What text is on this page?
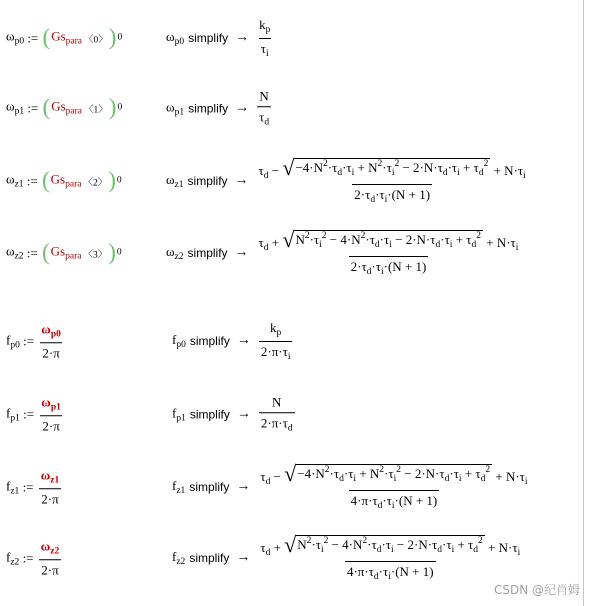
$\omega_{p0}$ := ( $Gs_{para}$ 〈0〉 ) 0	$\omega_{p0}$ simplify → $\frac{k_p}{\tau_i}$
$\omega_{p1}$ := ( $Gs_{para}$ 〈1〉 ) 0	$\omega_{p1}$ simplify → $\frac{N}{\tau_d}$
$\omega_{z1}$ := ( $Gs_{para}$ 〈2〉 ) 0	$\omega_{z1}$ simplify → $\frac{\tau_d - √ -4\cdot N^2\cdot\tau_d\cdot\tau_i + N^2\cdot\tau_i^2 - 2\cdot N\cdot\tau_d\cdot\tau_i + \tau_d^2 + N\cdot\tau_i}{2\cdot\tau_d\cdot\tau_i\cdot(N + 1)}$
$\omega_{z2}$ := ( $Gs_{para}$ 〈3〉 ) 0	$\omega_{z2}$ simplify → $\frac{\tau_d + √ N^2\cdot\tau_i^2 - 4\cdot N^2\cdot\tau_d\cdot\tau_i - 2\cdot N\cdot\tau_d\cdot\tau_i + \tau_d^2 + N\cdot\tau_i}{2\cdot\tau_d\cdot\tau_i\cdot(N + 1)}$
$f_{p0}$ := $\frac{\omega_{p0}}{2\cdot\pi}$	$f_{p0}$ simplify → $\frac{k_p}{2\cdot\pi\cdot\tau_i}$
$f_{p1}$ := $\frac{\omega_{p1}}{2\cdot\pi}$	$f_{p1}$ simplify → $\frac{N}{2\cdot\pi\cdot\tau_d}$
$f_{z1}$ := $\frac{\omega_{z1}}{2\cdot\pi}$	$f_{z1}$ simplify → $\frac{\tau_d - √ -4\cdot N^2\cdot\tau_d\cdot\tau_i + N^2\cdot\tau_i^2 - 2\cdot N\cdot\tau_d\cdot\tau_i + \tau_d^2 + N\cdot\tau_i}{4\cdot\pi\cdot\tau_d\cdot\tau_i\cdot(N + 1)}$
$f_{z2}$ := $\frac{\omega_{z2}}{2\cdot\pi}$	$f_{z2}$ simplify → $\frac{\tau_d + √ N^2\cdot\tau_i^2 - 4\cdot N^2\cdot\tau_d\cdot\tau_i - 2\cdot N\cdot\tau_d\cdot\tau_i + \tau_d^2 + N\cdot\tau_i}{4\cdot\pi\cdot\tau_d\cdot\tau_i\cdot(N + 1)}$
CSDN @纪肖姆
